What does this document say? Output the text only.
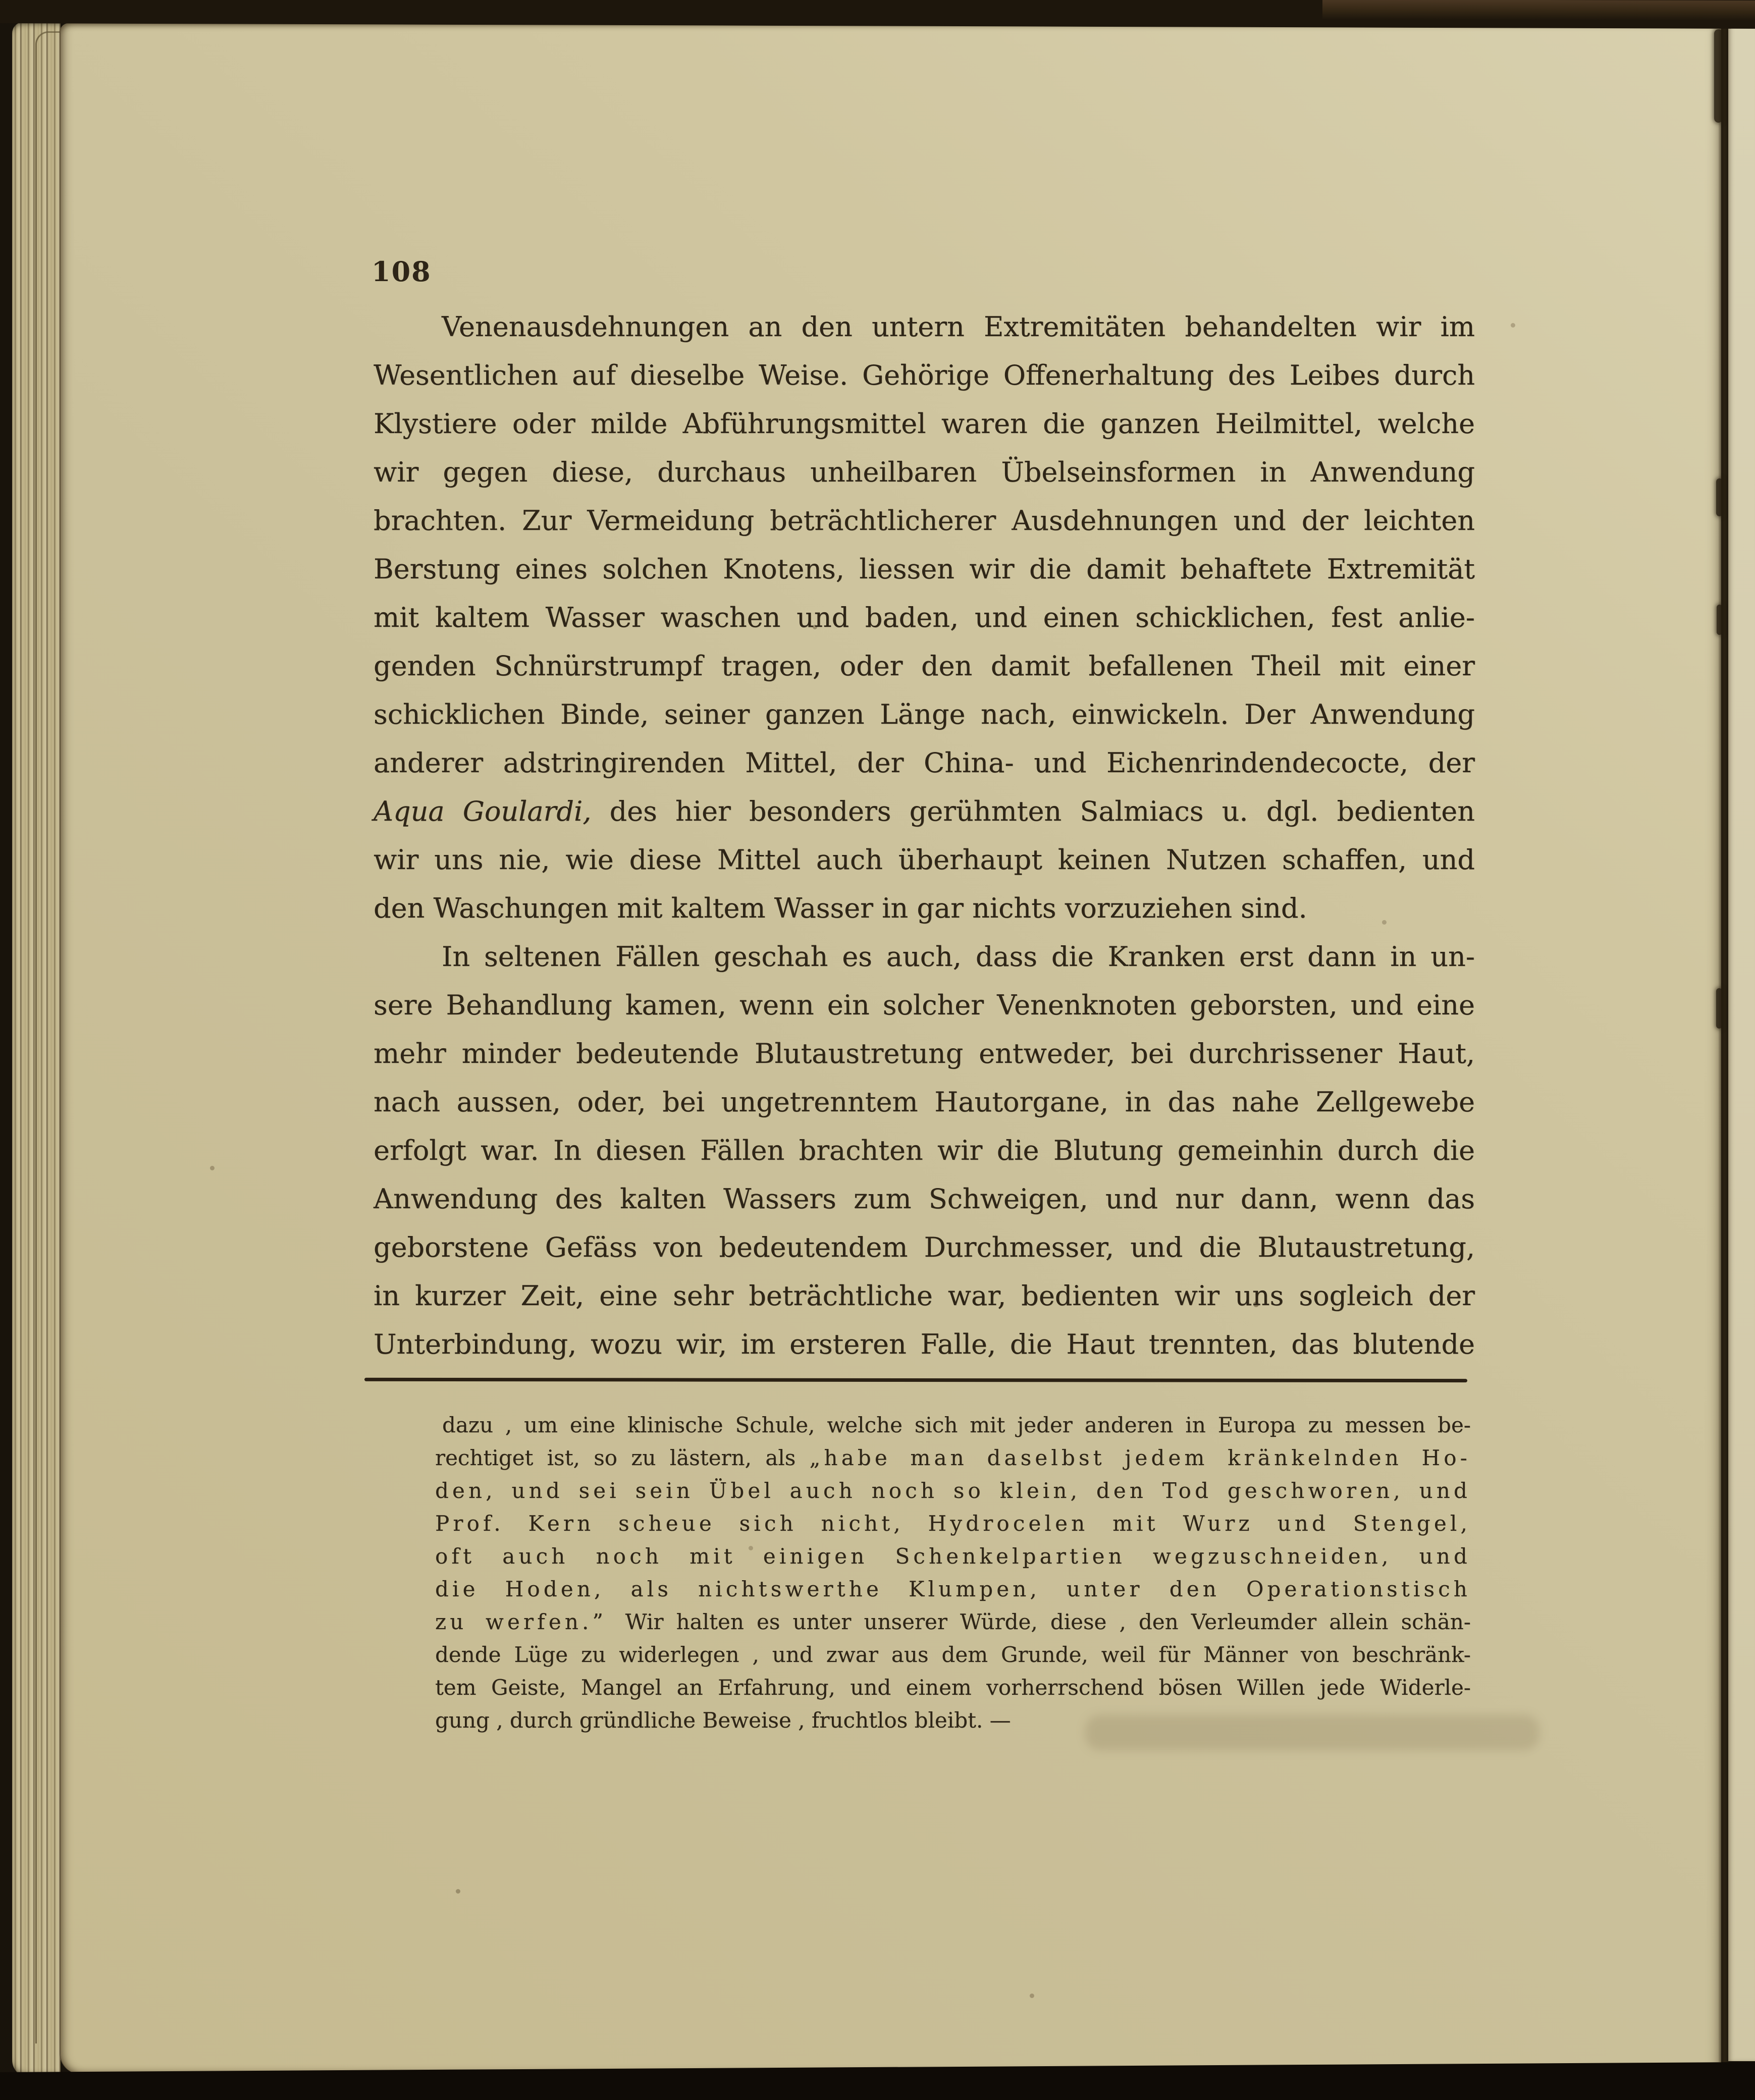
108
Venenausdehnungen an den untern Extremitäten behandelten wir im
Wesentlichen auf dieselbe Weise. Gehörige Offenerhaltung des Leibes durch
Klystiere oder milde Abführungsmittel waren die ganzen Heilmittel, welche
wir gegen diese, durchaus unheilbaren Übelseinsformen in Anwendung
brachten. Zur Vermeidung beträchtlicherer Ausdehnungen und der leichten
Berstung eines solchen Knotens, liessen wir die damit behaftete Extremität
mit kaltem Wasser waschen und baden, und einen schicklichen, fest anlie-
genden Schnürstrumpf tragen, oder den damit befallenen Theil mit einer
schicklichen Binde, seiner ganzen Länge nach, einwickeln. Der Anwendung
anderer adstringirenden Mittel, der China- und Eichenrindendecocte, der
Aqua Goulardi, des hier besonders gerühmten Salmiacs u. dgl. bedienten
wir uns nie, wie diese Mittel auch überhaupt keinen Nutzen schaffen, und
den Waschungen mit kaltem Wasser in gar nichts vorzuziehen sind.
In seltenen Fällen geschah es auch, dass die Kranken erst dann in un-
sere Behandlung kamen, wenn ein solcher Venenknoten geborsten, und eine
mehr minder bedeutende Blutaustretung entweder, bei durchrissener Haut,
nach aussen, oder, bei ungetrenntem Hautorgane, in das nahe Zellgewebe
erfolgt war. In diesen Fällen brachten wir die Blutung gemeinhin durch die
Anwendung des kalten Wassers zum Schweigen, und nur dann, wenn das
geborstene Gefäss von bedeutendem Durchmesser, und die Blutaustretung,
in kurzer Zeit, eine sehr beträchtliche war, bedienten wir uns sogleich der
Unterbindung, wozu wir, im ersteren Falle, die Haut trennten, das blutende
dazu , um eine klinische Schule, welche sich mit jeder anderen in Europa zu messen be-
rechtiget ist, so zu lästern, als „habe man daselbst jedem kränkelnden Ho-
den, und sei sein Übel auch noch so klein, den Tod geschworen, und
Prof. Kern scheue sich nicht, Hydrocelen mit Wurz und Stengel,
oft auch noch mit einigen Schenkelpartien wegzuschneiden, und
die Hoden, als nichtswerthe Klumpen, unter den Operationstisch
zu werfen.” Wir halten es unter unserer Würde, diese , den Verleumder allein schän-
dende Lüge zu widerlegen , und zwar aus dem Grunde, weil für Männer von beschränk-
tem Geiste, Mangel an Erfahrung, und einem vorherrschend bösen Willen jede Widerle-
gung , durch gründliche Beweise , fruchtlos bleibt. —
